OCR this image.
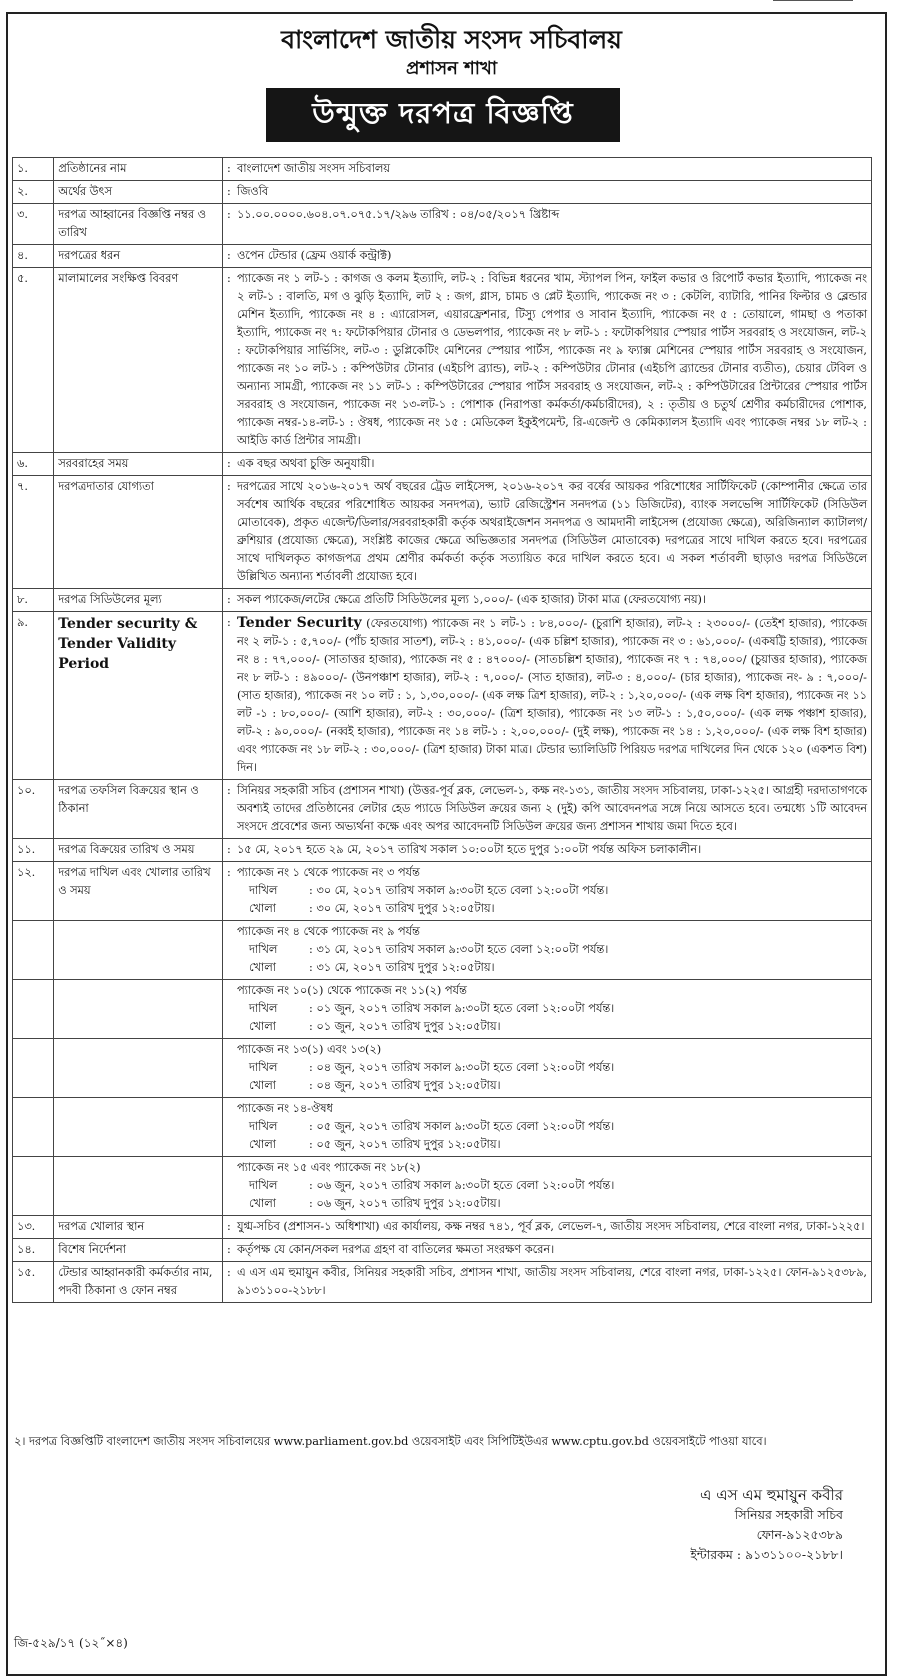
বাংলাদেশ জাতীয় সংসদ সচিবালয়
প্রশাসন শাখা
উন্মুক্ত দরপত্র বিজ্ঞপ্তি
১.	প্রতিষ্ঠানের নাম	: বাংলাদেশ জাতীয় সংসদ সচিবালয়

২.	অর্থের উৎস	: জিওবি

৩.	দরপত্র আহ্বানের বিজ্ঞপ্তি নম্বর ও তারিখ	: ১১.০০.০০০০.৬০৪.০৭.০৭৫.১৭/২৯৬ তারিখ : ০৪/০৫/২০১৭ খ্রিষ্টাব্দ

৪.	দরপত্রের ধরন	: ওপেন টেন্ডার (ফ্রেম ওয়ার্ক কন্ট্রাক্ট)

৫.	মালামালের সংক্ষিপ্ত বিবরণ	: প্যাকেজ নং ১ লট-১ : কাগজ ও কলম ইত্যাদি, লট-২ : বিভিন্ন ধরনের খাম, স্ট্যাপল পিন, ফাইল কভার ও রিপোর্ট কভার ইত্যাদি, প্যাকেজ নং ২ লট-১ : বালতি, মগ ও ঝুড়ি ইত্যাদি, লট ২ : জগ, গ্লাস, চামচ ও প্লেট ইত্যাদি, প্যাকেজ নং ৩ : কেটলি, ব্যাটারি, পানির ফিল্টার ও ব্লেন্ডার মেশিন ইত্যাদি, প্যাকেজ নং ৪ : এ্যারোসল, এয়ারফ্রেশনার, টিস্যু পেপার ও সাবান ইত্যাদি, প্যাকেজ নং ৫ : তোয়ালে, গামছা ও পতাকা ইত্যাদি, প্যাকেজ নং ৭: ফটোকপিয়ার টোনার ও ডেভলপার, প্যাকেজ নং ৮ লট-১ : ফটোকপিয়ার স্পেয়ার পার্টস সরবরাহ ও সংযোজন, লট-২ : ফটোকপিয়ার সার্ভিসিং, লট-৩ : ডুপ্লিকেটিং মেশিনের স্পেয়ার পার্টস, প্যাকেজ নং ৯ ফ্যাক্স মেশিনের স্পেয়ার পার্টস সরবরাহ ও সংযোজন, প্যাকেজ নং ১০ লট-১ : কম্পিউটার টোনার (এইচপি ব্র্যান্ড), লট-২ : কম্পিউটার টোনার (এইচপি ব্র্যান্ডের টোনার ব্যতীত), চেয়ার টেবিল ও অন্যান্য সামগ্রী, প্যাকেজ নং ১১ লট-১ : কম্পিউটারের স্পেয়ার পার্টস সরবরাহ ও সংযোজন, লট-২ : কম্পিউটারের প্রিন্টারের স্পেয়ার পার্টস সরবরাহ ও সংযোজন, প্যাকেজ নং ১৩-লট-১ : পোশাক (নিরাপত্তা কর্মকর্তা/কর্মচারীদের), ২ : তৃতীয় ও চতুর্থ শ্রেণীর কর্মচারীদের পোশাক, প্যাকেজ নম্বর-১৪-লট-১ : ঔষধ, প্যাকেজ নং ১৫ : মেডিকেল ইকুইপমেন্ট, রি-এজেন্ট ও কেমিক্যালস ইত্যাদি এবং প্যাকেজ নম্বর ১৮ লট-২ : আইডি কার্ড প্রিন্টার সামগ্রী।

৬.	সরবরাহের সময়	: এক বছর অথবা চুক্তি অনুযায়ী।

৭.	দরপত্রদাতার যোগ্যতা	: দরপত্রের সাথে ২০১৬-২০১৭ অর্থ বছরের ট্রেড লাইসেন্স, ২০১৬-২০১৭ কর বর্ষের আয়কর পরিশোধের সার্টিফিকেট (কোম্পানীর ক্ষেত্রে তার সর্বশেষ আর্থিক বছরের পরিশোধিত আয়কর সনদপত্র), ভ্যাট রেজিস্ট্রেশন সনদপত্র (১১ ডিজিটের), ব্যাংক সলভেন্সি সার্টিফিকেট (সিডিউল মোতাবেক), প্রকৃত এজেন্ট/ডিলার/সরবরাহকারী কর্তৃক অথরাইজেশন সনদপত্র ও আমদানী লাইসেন্স (প্রযোজ্য ক্ষেত্রে), অরিজিন্যাল ক্যাটালগ/ব্রুশিয়ার (প্রযোজ্য ক্ষেত্রে), সংশ্লিষ্ট কাজের ক্ষেত্রে অভিজ্ঞতার সনদপত্র (সিডিউল মোতাবেক) দরপত্রের সাথে দাখিল করতে হবে। দরপত্রের সাথে দাখিলকৃত কাগজপত্র প্রথম শ্রেণীর কর্মকর্তা কর্তৃক সত্যায়িত করে দাখিল করতে হবে। এ সকল শর্তাবলী ছাড়াও দরপত্র সিডিউলে উল্লিখিত অন্যান্য শর্তাবলী প্রযোজ্য হবে।

৮.	দরপত্র সিডিউলের মূল্য	: সকল প্যাকেজ/লটের ক্ষেত্রে প্রতিটি সিডিউলের মূল্য ১,০০০/- (এক হাজার) টাকা মাত্র (ফেরতযোগ্য নয়)।

৯.	Tender security & Tender Validity Period	: Tender Security (ফেরতযোগ্য) প্যাকেজ নং ১ লট-১ : ৮৪,০০০/- (চুরাশি হাজার), লট-২ : ২৩০০০/- (তেইশ হাজার), প্যাকেজ নং ২ লট-১ : ৫,৭০০/- (পাঁচ হাজার সাতশ), লট-২ : ৪১,০০০/- (এক চল্লিশ হাজার), প্যাকেজ নং ৩ : ৬১,০০০/- (একষট্টি হাজার), প্যাকেজ নং ৪ : ৭৭,০০০/- (সাতাত্তর হাজার), প্যাকেজ নং ৫ : ৪৭০০০/- (সাতচল্লিশ হাজার), প্যাকেজ নং ৭ : ৭৪,০০০/ (চুয়াত্তর হাজার), প্যাকেজ নং ৮ লট-১ : ৪৯০০০/- (উনপঞ্চাশ হাজার), লট-২ : ৭,০০০/- (সাত হাজার), লট-৩ : ৪,০০০/- (চার হাজার), প্যাকেজ নং- ৯ : ৭,০০০/- (সাত হাজার), প্যাকেজ নং ১০ লট : ১, ১,৩০,০০০/- (এক লক্ষ ত্রিশ হাজার), লট-২ : ১,২০,০০০/- (এক লক্ষ বিশ হাজার), প্যাকেজ নং ১১ লট -১ : ৮০,০০০/- (আশি হাজার), লট-২ : ৩০,০০০/- (ত্রিশ হাজার), প্যাকেজ নং ১৩ লট-১ : ১,৫০,০০০/- (এক লক্ষ পঞ্চাশ হাজার), লট-২ : ৯০,০০০/- (নব্বই হাজার), প্যাকেজ নং ১৪ লট-১ : ২,০০,০০০/- (দুই লক্ষ), প্যাকেজ নং ১৪ : ১,২০,০০০/- (এক লক্ষ বিশ হাজার) এবং প্যাকেজ নং ১৮ লট-২ : ৩০,০০০/- (ত্রিশ হাজার) টাকা মাত্র। টেন্ডার ভ্যালিডিটি পিরিয়ড দরপত্র দাখিলের দিন থেকে ১২০ (একশত বিশ) দিন।

১০.	দরপত্র তফসিল বিক্রয়ের স্থান ও ঠিকানা	: সিনিয়র সহকারী সচিব (প্রশাসন শাখা) (উত্তর-পূর্ব ব্লক, লেভেল-১, কক্ষ নং-১৩১, জাতীয় সংসদ সচিবালয়, ঢাকা-১২২৫। আগ্রহী দরদাতাগণকে অবশ্যই তাদের প্রতিষ্ঠানের লেটার হেড প্যাডে সিডিউল ক্রয়ের জন্য ২ (দুই) কপি আবেদনপত্র সঙ্গে নিয়ে আসতে হবে। তন্মধ্যে ১টি আবেদন সংসদে প্রবেশের জন্য অভ্যর্থনা কক্ষে এবং অপর আবেদনটি সিডিউল ক্রয়ের জন্য প্রশাসন শাখায় জমা দিতে হবে।

১১.	দরপত্র বিক্রয়ের তারিখ ও সময়	: ১৫ মে, ২০১৭ হতে ২৯ মে, ২০১৭ তারিখ সকাল ১০:০০টা হতে দুপুর ১:০০টা পর্যন্ত অফিস চলাকালীন।

১২.	দরপত্র দাখিল এবং খোলার তারিখ ও সময়	: প্যাকেজ নং ১ থেকে প্যাকেজ নং ৩ পর্যন্ত
দাখিল : ৩০ মে, ২০১৭ তারিখ সকাল ৯:৩০টা হতে বেলা ১২:০০টা পর্যন্ত।
খোলা : ৩০ মে, ২০১৭ তারিখ দুপুর ১২:০৫টায়।

		প্যাকেজ নং ৪ থেকে প্যাকেজ নং ৯ পর্যন্ত
দাখিল : ৩১ মে, ২০১৭ তারিখ সকাল ৯:৩০টা হতে বেলা ১২:০০টা পর্যন্ত।
খোলা : ৩১ মে, ২০১৭ তারিখ দুপুর ১২:০৫টায়।

		প্যাকেজ নং ১০(১) থেকে প্যাকেজ নং ১১(২) পর্যন্ত
দাখিল : ০১ জুন, ২০১৭ তারিখ সকাল ৯:৩০টা হতে বেলা ১২:০০টা পর্যন্ত।
খোলা : ০১ জুন, ২০১৭ তারিখ দুপুর ১২:০৫টায়।

		প্যাকেজ নং ১৩(১) এবং ১৩(২)
দাখিল : ০৪ জুন, ২০১৭ তারিখ সকাল ৯:৩০টা হতে বেলা ১২:০০টা পর্যন্ত।
খোলা : ০৪ জুন, ২০১৭ তারিখ দুপুর ১২:০৫টায়।

		প্যাকেজ নং ১৪-ঔষধ
দাখিল : ০৫ জুন, ২০১৭ তারিখ সকাল ৯:৩০টা হতে বেলা ১২:০০টা পর্যন্ত।
খোলা : ০৫ জুন, ২০১৭ তারিখ দুপুর ১২:০৫টায়।

		প্যাকেজ নং ১৫ এবং প্যাকেজ নং ১৮(২)
দাখিল : ০৬ জুন, ২০১৭ তারিখ সকাল ৯:৩০টা হতে বেলা ১২:০০টা পর্যন্ত।
খোলা : ০৬ জুন, ২০১৭ তারিখ দুপুর ১২:০৫টায়।

১৩.	দরপত্র খোলার স্থান	: যুগ্ম-সচিব (প্রশাসন-১ অধিশাখা) এর কার্যালয়, কক্ষ নম্বর ৭৪১, পূর্ব ব্লক, লেভেল-৭, জাতীয় সংসদ সচিবালয়, শেরে বাংলা নগর, ঢাকা-১২২৫।

১৪.	বিশেষ নির্দেশনা	: কর্তৃপক্ষ যে কোন/সকল দরপত্র গ্রহণ বা বাতিলের ক্ষমতা সংরক্ষণ করেন।

১৫.	টেন্ডার আহ্বানকারী কর্মকর্তার নাম, পদবী ঠিকানা ও ফোন নম্বর	: এ এস এম হুমায়ুন কবীর, সিনিয়র সহকারী সচিব, প্রশাসন শাখা, জাতীয় সংসদ সচিবালয়, শেরে বাংলা নগর, ঢাকা-১২২৫। ফোন-৯১২৫৩৮৯, ৯১৩১১০০-২১৮৮।
২। দরপত্র বিজ্ঞপ্তিটি বাংলাদেশ জাতীয় সংসদ সচিবালয়ের www.parliament.gov.bd ওয়েবসাইট এবং সিপিটিইউএর www.cptu.gov.bd ওয়েবসাইটে পাওয়া যাবে।
এ এস এম হুমায়ুন কবীর
সিনিয়র সহকারী সচিব
ফোন-৯১২৫৩৮৯
ইন্টারকম : ৯১৩১১০০-২১৮৮।
জি-৫২৯/১৭ (১২˝×৪)
